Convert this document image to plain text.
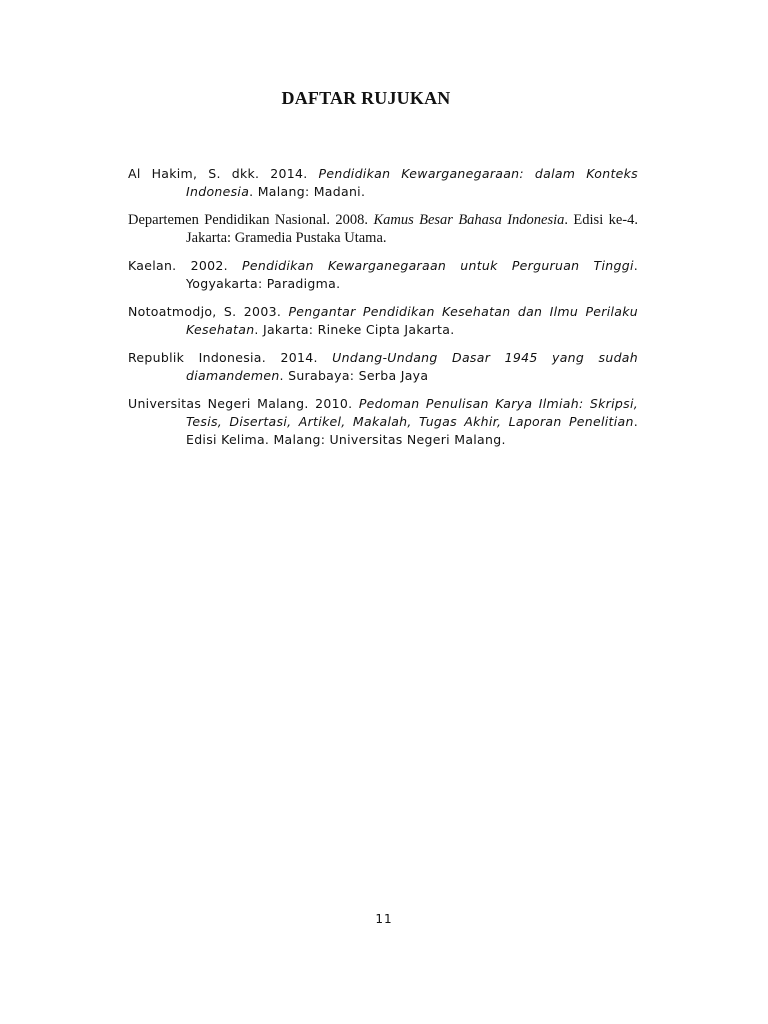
DAFTAR RUJUKAN

Al Hakim, S. dkk. 2014. Pendidikan Kewarganegaraan: dalam Konteks Indonesia. Malang: Madani.

Departemen Pendidikan Nasional. 2008. Kamus Besar Bahasa Indonesia. Edisi ke-4. Jakarta: Gramedia Pustaka Utama.

Kaelan. 2002. Pendidikan Kewarganegaraan untuk Perguruan Tinggi. Yogyakarta: Paradigma.

Notoatmodjo, S. 2003. Pengantar Pendidikan Kesehatan dan Ilmu Perilaku Kesehatan. Jakarta: Rineke Cipta Jakarta.

Republik Indonesia. 2014. Undang-Undang Dasar 1945 yang sudah diamandemen. Surabaya: Serba Jaya

Universitas Negeri Malang. 2010. Pedoman Penulisan Karya Ilmiah: Skripsi, Tesis, Disertasi, Artikel, Makalah, Tugas Akhir, Laporan Penelitian. Edisi Kelima. Malang: Universitas Negeri Malang.

11
